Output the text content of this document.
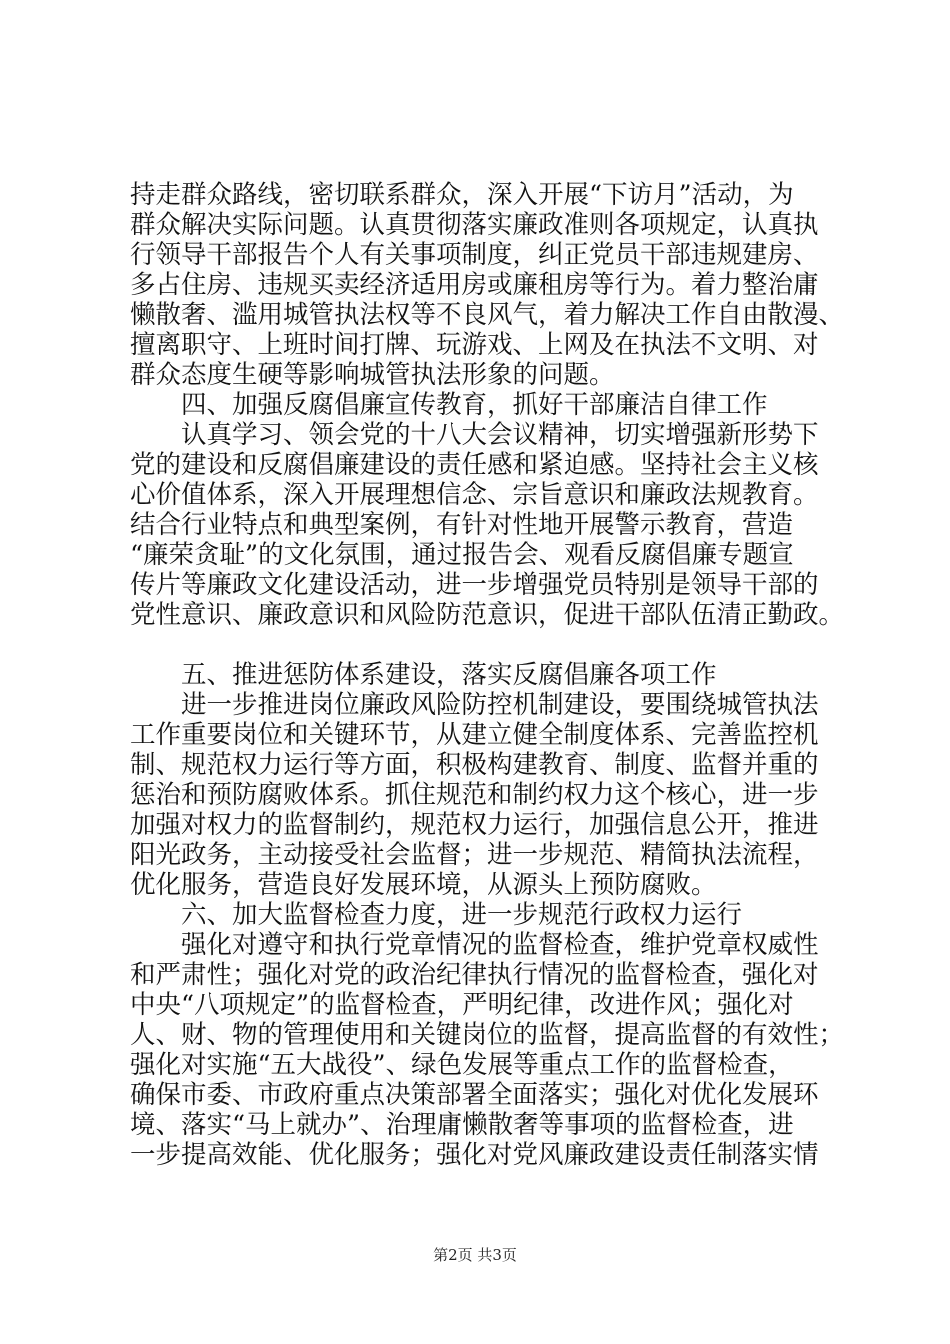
持走群众路线，密切联系群众，深入开展“下访月”活动，为

群众解决实际问题。认真贯彻落实廉政准则各项规定，认真执

行领导干部报告个人有关事项制度，纠正党员干部违规建房、

多占住房、违规买卖经济适用房或廉租房等行为。着力整治庸

懒散奢、滥用城管执法权等不良风气，着力解决工作自由散漫、

擅离职守、上班时间打牌、玩游戏、上网及在执法不文明、对

群众态度生硬等影响城管执法形象的问题。

　　四、加强反腐倡廉宣传教育，抓好干部廉洁自律工作

　　认真学习、领会党的十八大会议精神，切实增强新形势下

党的建设和反腐倡廉建设的责任感和紧迫感。坚持社会主义核

心价值体系，深入开展理想信念、宗旨意识和廉政法规教育。

结合行业特点和典型案例，有针对性地开展警示教育，营造

“廉荣贪耻”的文化氛围，通过报告会、观看反腐倡廉专题宣

传片等廉政文化建设活动，进一步增强党员特别是领导干部的

党性意识、廉政意识和风险防范意识，促进干部队伍清正勤政。

　　五、推进惩防体系建设，落实反腐倡廉各项工作

　　进一步推进岗位廉政风险防控机制建设，要围绕城管执法

工作重要岗位和关键环节，从建立健全制度体系、完善监控机

制、规范权力运行等方面，积极构建教育、制度、监督并重的

惩治和预防腐败体系。抓住规范和制约权力这个核心，进一步

加强对权力的监督制约，规范权力运行，加强信息公开，推进

阳光政务，主动接受社会监督；进一步规范、精简执法流程，

优化服务，营造良好发展环境，从源头上预防腐败。

　　六、加大监督检查力度，进一步规范行政权力运行

　　强化对遵守和执行党章情况的监督检查，维护党章权威性

和严肃性；强化对党的政治纪律执行情况的监督检查，强化对

中央“八项规定”的监督检查，严明纪律，改进作风；强化对

人、财、物的管理使用和关键岗位的监督，提高监督的有效性；

强化对实施“五大战役”、绿色发展等重点工作的监督检查，

确保市委、市政府重点决策部署全面落实；强化对优化发展环

境、落实“马上就办”、治理庸懒散奢等事项的监督检查，进

一步提高效能、优化服务；强化对党风廉政建设责任制落实情

第2页 共3页
